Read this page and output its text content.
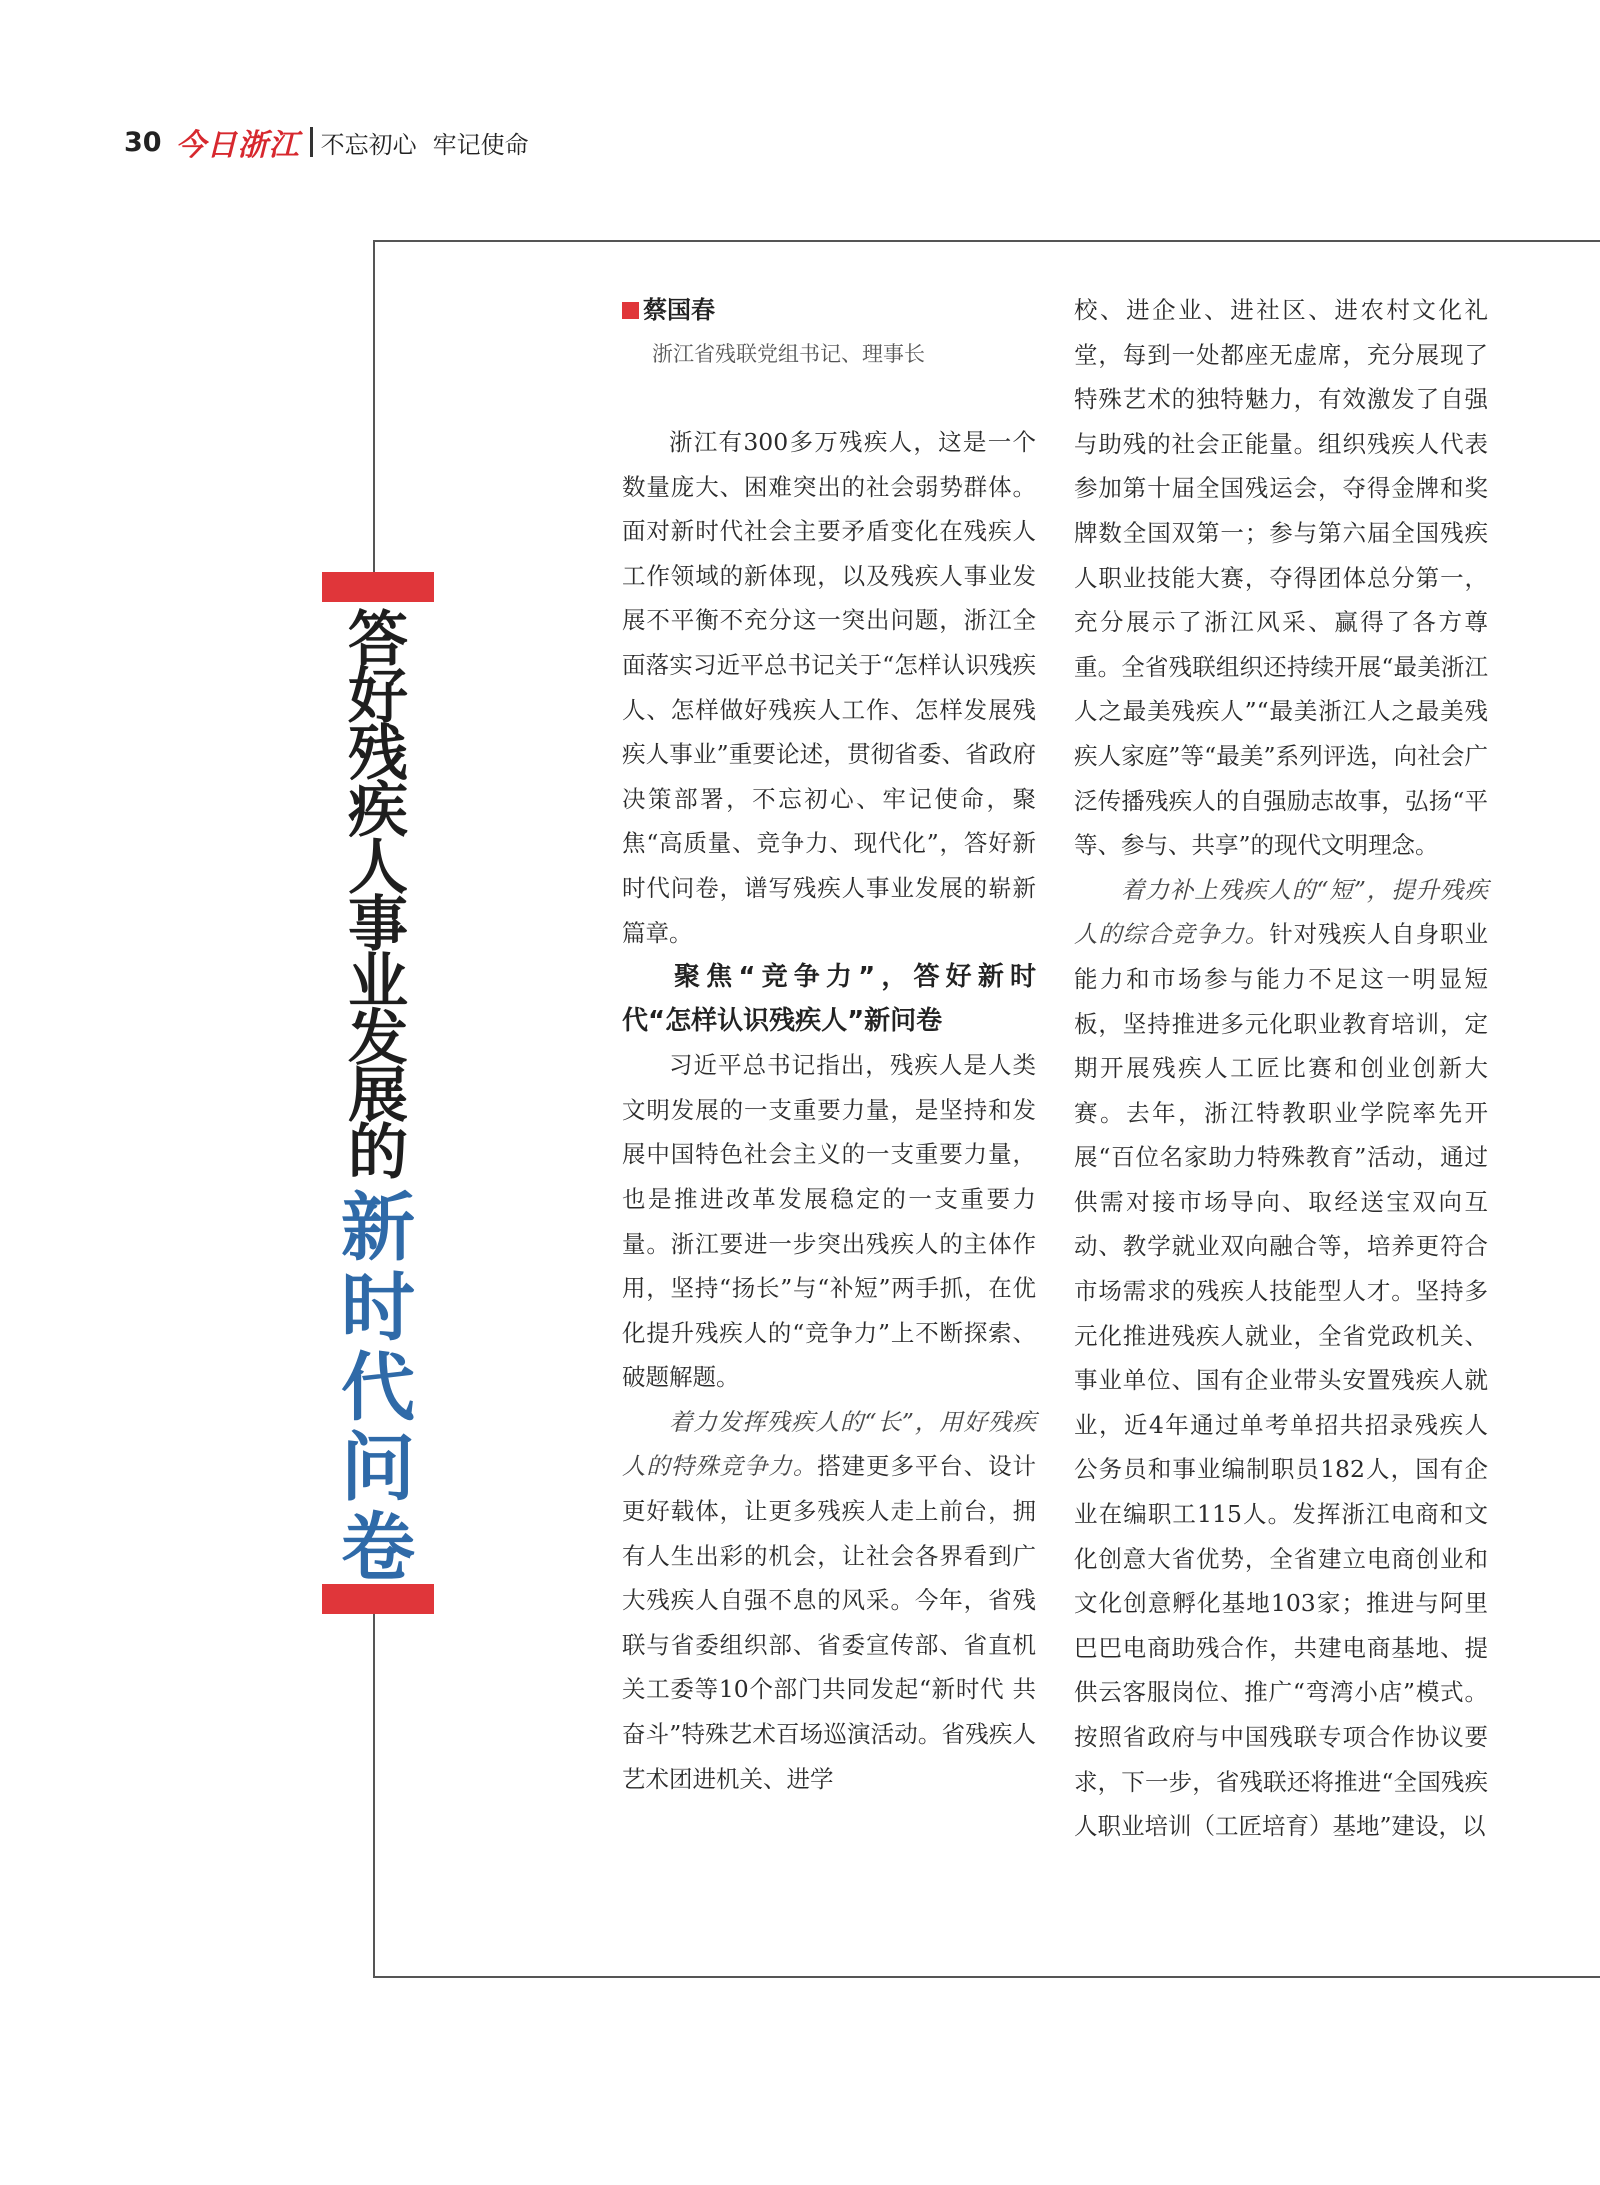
30 今日浙江 不忘初心 牢记使命
答
好
残
疾
人
事
业
发
展
的
新
时
代
问
卷
蔡国春

浙江省残联党组书记、理事长

浙江有300多万残疾人，这是一个数量庞大、困难突出的社会弱势群体。面对新时代社会主要矛盾变化在残疾人工作领域的新体现，以及残疾人事业发展不平衡不充分这一突出问题，浙江全面落实习近平总书记关于“怎样认识残疾人、怎样做好残疾人工作、怎样发展残疾人事业”重要论述，贯彻省委、省政府决策部署，不忘初心、牢记使命，聚焦“高质量、竞争力、现代化”，答好新时代问卷，谱写残疾人事业发展的崭新篇章。

聚焦“竞争力”，答好新时代“怎样认识残疾人”新问卷

习近平总书记指出，残疾人是人类文明发展的一支重要力量，是坚持和发展中国特色社会主义的一支重要力量，也是推进改革发展稳定的一支重要力量。浙江要进一步突出残疾人的主体作用，坚持“扬长”与“补短”两手抓，在优化提升残疾人的“竞争力”上不断探索、破题解题。

着力发挥残疾人的“长”，用好残疾人的特殊竞争力。搭建更多平台、设计更好载体，让更多残疾人走上前台，拥有人生出彩的机会，让社会各界看到广大残疾人自强不息的风采。今年，省残联与省委组织部、省委宣传部、省直机关工委等10个部门共同发起“新时代 共奋斗”特殊艺术百场巡演活动。省残疾人艺术团进机关、进学

校、进企业、进社区、进农村文化礼堂，每到一处都座无虚席，充分展现了特殊艺术的独特魅力，有效激发了自强与助残的社会正能量。组织残疾人代表参加第十届全国残运会，夺得金牌和奖牌数全国双第一；参与第六届全国残疾人职业技能大赛，夺得团体总分第一，充分展示了浙江风采、赢得了各方尊重。全省残联组织还持续开展“最美浙江人之最美残疾人”“最美浙江人之最美残疾人家庭”等“最美”系列评选，向社会广泛传播残疾人的自强励志故事，弘扬“平等、参与、共享”的现代文明理念。

着力补上残疾人的“短”，提升残疾人的综合竞争力。针对残疾人自身职业能力和市场参与能力不足这一明显短板，坚持推进多元化职业教育培训，定期开展残疾人工匠比赛和创业创新大赛。去年，浙江特教职业学院率先开展“百位名家助力特殊教育”活动，通过供需对接市场导向、取经送宝双向互动、教学就业双向融合等，培养更符合市场需求的残疾人技能型人才。坚持多元化推进残疾人就业，全省党政机关、事业单位、国有企业带头安置残疾人就业，近4年通过单考单招共招录残疾人公务员和事业编制职员182人，国有企业在编职工115人。发挥浙江电商和文化创意大省优势，全省建立电商创业和文化创意孵化基地103家；推进与阿里巴巴电商助残合作，共建电商基地、提供云客服岗位、推广“弯湾小店”模式。按照省政府与中国残联专项合作协议要求，下一步，省残联还将推进“全国残疾人职业培训（工匠培育）基地”建设，以
